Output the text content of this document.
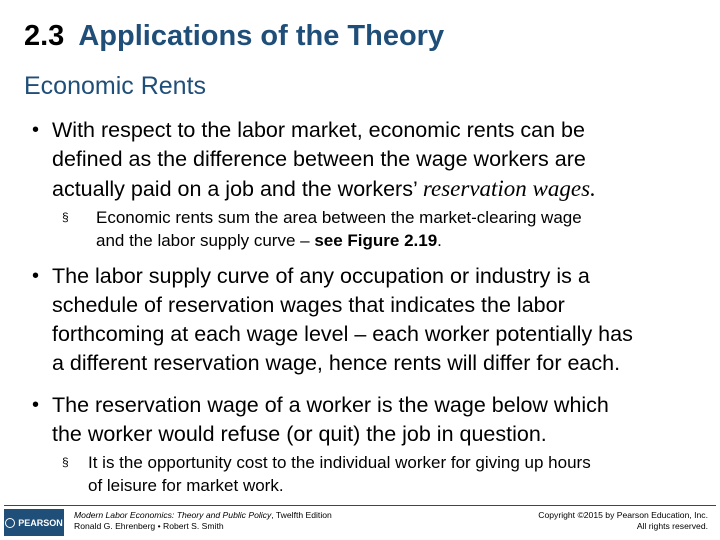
2.3 Applications of the Theory
Economic Rents
• With respect to the labor market, economic rents can be
defined as the difference between the wage workers are
actually paid on a job and the workers’ reservation wages.
§ Economic rents sum the area between the market-clearing wage
and the labor supply curve – see Figure 2.19.
• The labor supply curve of any occupation or industry is a
schedule of reservation wages that indicates the labor
forthcoming at each wage level – each worker potentially has
a different reservation wage, hence rents will differ for each.
• The reservation wage of a worker is the wage below which
the worker would refuse (or quit) the job in question.
§ It is the opportunity cost to the individual worker for giving up hours
of leisure for market work.
PEARSON
Modern Labor Economics: Theory and Public Policy, Twelfth Edition
Ronald G. Ehrenberg • Robert S. Smith
Copyright ©2015 by Pearson Education, Inc.
All rights reserved.
